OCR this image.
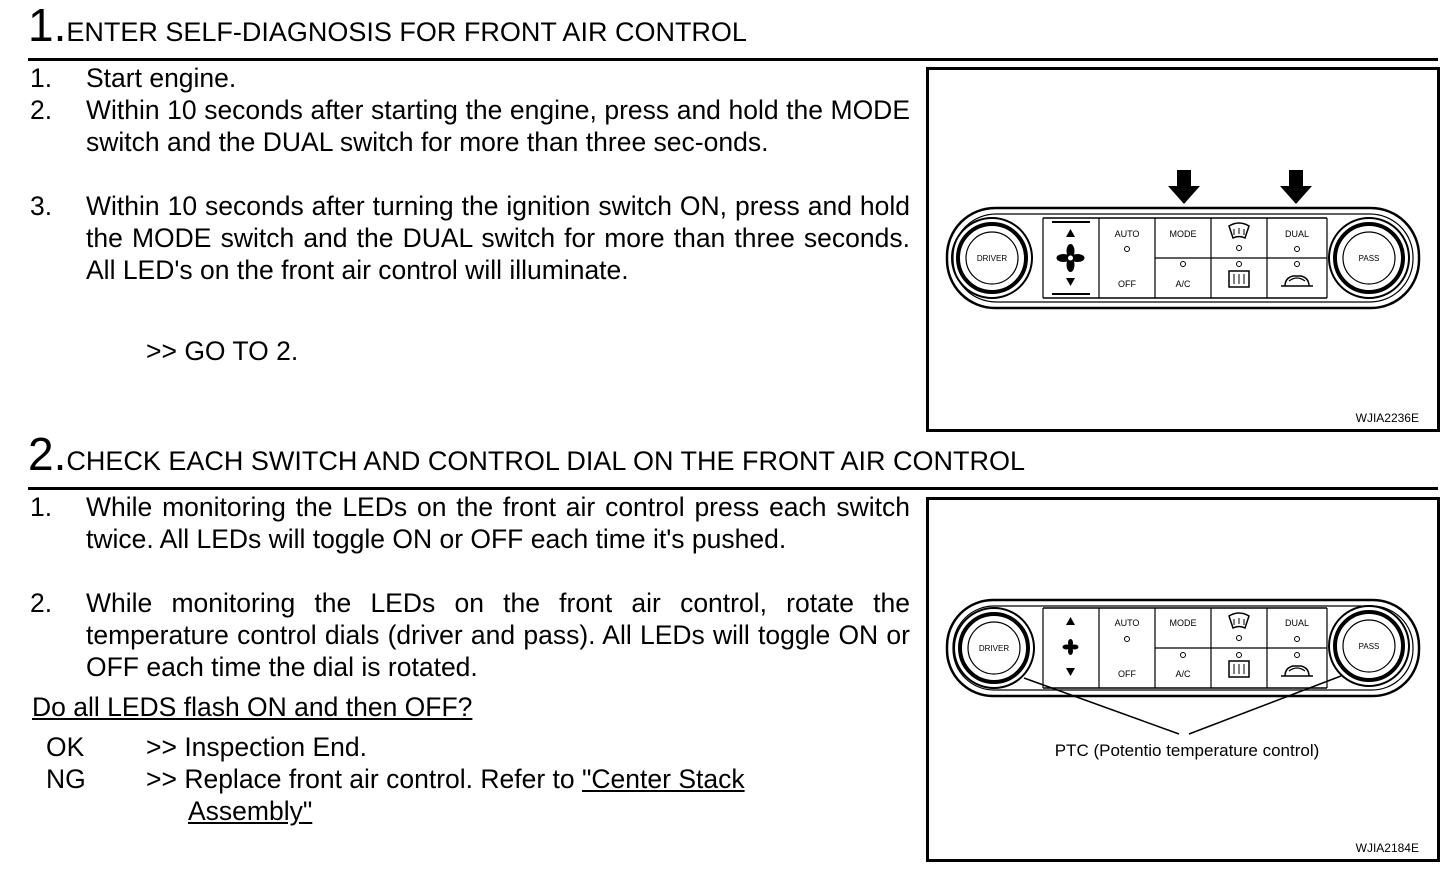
1.ENTER SELF-DIAGNOSIS FOR FRONT AIR CONTROL
1. Start engine.
2. Within 10 seconds after starting the engine, press and hold the MODE switch and the DUAL switch for more than three sec-onds.
3. Within 10 seconds after turning the ignition switch ON, press and hold the MODE switch and the DUAL switch for more than three seconds. All LED's on the front air control will illuminate.
>> GO TO 2.
DRIVER	PASS
AUTO
OFF
MODE
A/C
DUAL
WJIA2236E
2.CHECK EACH SWITCH AND CONTROL DIAL ON THE FRONT AIR CONTROL
1. While monitoring the LEDs on the front air control press each switch twice. All LEDs will toggle ON or OFF each time it's pushed.
2. While monitoring the LEDs on the front air control, rotate the temperature control dials (driver and pass). All LEDs will toggle ON or OFF each time the dial is rotated.
Do all LEDS flash ON and then OFF?
OK >> Inspection End.
NG >> Replace front air control. Refer to "Center Stack
Assembly"
DRIVER	PASS
AUTO
OFF
MODE
A/C
DUAL
PTC (Potentio temperature control)
WJIA2184E
